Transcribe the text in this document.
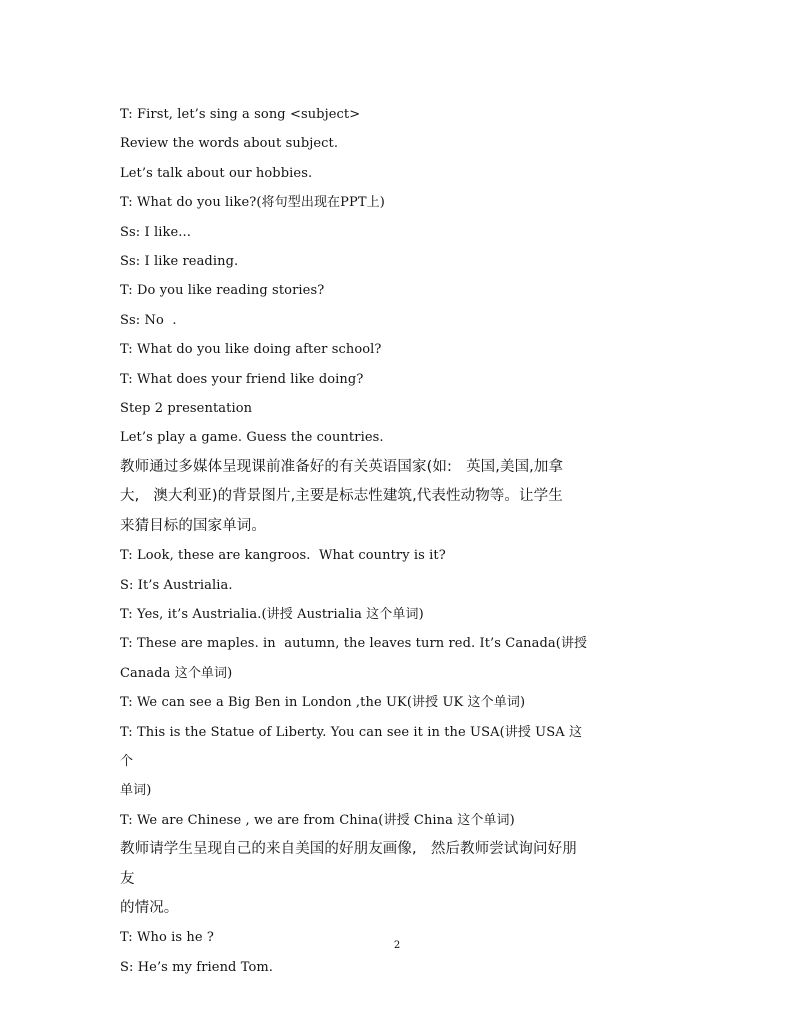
T: First, let’s sing a song <subject>
Review the words about subject.
Let’s talk about our hobbies.
T: What do you like?(将句型出现在PPT上)
Ss: I like...
Ss: I like reading.
T: Do you like reading stories?
Ss: No  .
T: What do you like doing after school?
T: What does your friend like doing?
Step 2 presentation
Let’s play a game. Guess the countries.
教师通过多媒体呈现课前准备好的有关英语国家(如:   英国,美国,加拿
大,   澳大利亚)的背景图片,主要是标志性建筑,代表性动物等。让学生
来猜目标的国家单词。
T: Look, these are kangroos.  What country is it?
S: It’s Austrialia.
T: Yes, it’s Austrialia.(讲授 Austrialia 这个单词)
T: These are maples. in  autumn, the leaves turn red. It’s Canada(讲授
Canada 这个单词)
T: We can see a Big Ben in London ,the UK(讲授 UK 这个单词)
T: This is the Statue of Liberty. You can see it in the USA(讲授 USA 这个
单词)
T: We are Chinese , we are from China(讲授 China 这个单词)
教师请学生呈现自己的来自美国的好朋友画像,   然后教师尝试询问好朋友
的情况。
T: Who is he ?
S: He’s my friend Tom.
2
